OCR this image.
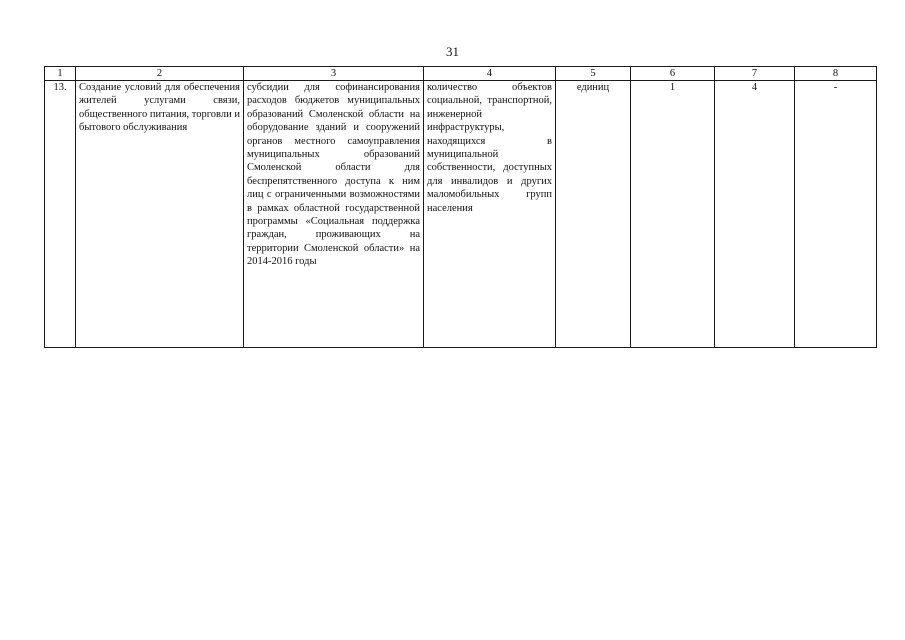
31
1	2	3	4	5	6	7	8
13.	Создание условий для обеспечения жителей услугами связи, общественного питания, торговли и бытового обслуживания	субсидии для софинансирования расходов бюджетов муниципальных образований Смоленской области на оборудование зданий и сооружений органов местного самоуправления муниципальных образований Смоленской области для беспрепятственного доступа к ним лиц с ограниченными возможностями в рамках областной государственной программы «Социальная поддержка граждан, проживающих на территории Смоленской области» на 2014-2016 годы	количество объектов социальной, транспортной, инженерной инфраструктуры, находящихся в муниципальной собственности, доступных для инвалидов и других маломобильных групп населения	единиц	1	4	-
